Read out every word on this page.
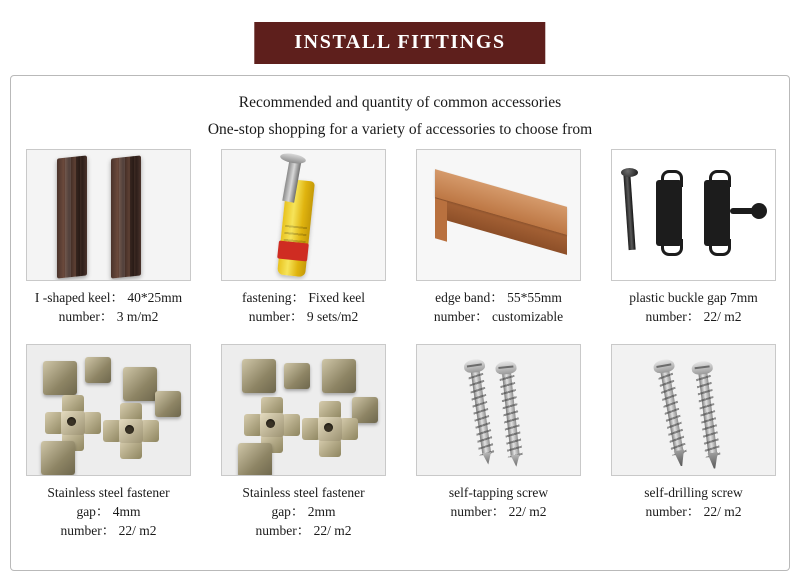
INSTALL FITTINGS
Recommended and quantity of common accessories
One-stop shopping for a variety of accessories to choose from
I -shaped keel： 40*25mm
number： 3 m/m2
fastening： Fixed keel
number： 9 sets/m2
edge band： 55*55mm
number： customizable
plastic buckle gap 7mm
number： 22/ m2
Stainless steel fastener
gap： 4mm
number： 22/ m2
Stainless steel fastener
gap： 2mm
number： 22/ m2
self-tapping screw
number： 22/ m2
self-drilling screw
number： 22/ m2
